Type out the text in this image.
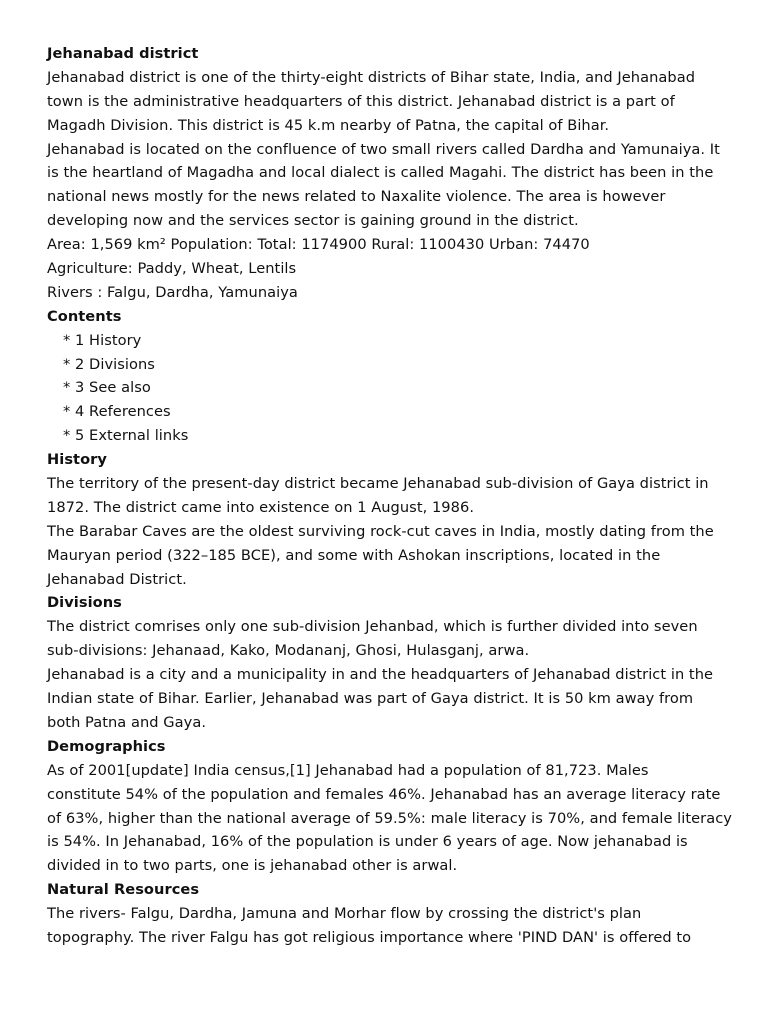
Jehanabad district
Jehanabad district is one of the thirty-eight districts of Bihar state, India, and Jehanabad
town is the administrative headquarters of this district. Jehanabad district is a part of
Magadh Division. This district is 45 k.m nearby of Patna, the capital of Bihar.
Jehanabad is located on the confluence of two small rivers called Dardha and Yamunaiya. It
is the heartland of Magadha and local dialect is called Magahi. The district has been in the
national news mostly for the news related to Naxalite violence. The area is however
developing now and the services sector is gaining ground in the district.
Area: 1,569 km² Population: Total: 1174900 Rural: 1100430 Urban: 74470
Agriculture: Paddy, Wheat, Lentils
Rivers : Falgu, Dardha, Yamunaiya
Contents
* 1 History
* 2 Divisions
* 3 See also
* 4 References
* 5 External links
History
The territory of the present-day district became Jehanabad sub-division of Gaya district in
1872. The district came into existence on 1 August, 1986.
The Barabar Caves are the oldest surviving rock-cut caves in India, mostly dating from the
Mauryan period (322–185 BCE), and some with Ashokan inscriptions, located in the
Jehanabad District.
Divisions
The district comrises only one sub-division Jehanbad, which is further divided into seven
sub-divisions: Jehanaad, Kako, Modananj, Ghosi, Hulasganj, arwa.
Jehanabad is a city and a municipality in and the headquarters of Jehanabad district in the
Indian state of Bihar. Earlier, Jehanabad was part of Gaya district. It is 50 km away from
both Patna and Gaya.
Demographics
As of 2001[update] India census,[1] Jehanabad had a population of 81,723. Males
constitute 54% of the population and females 46%. Jehanabad has an average literacy rate
of 63%, higher than the national average of 59.5%: male literacy is 70%, and female literacy
is 54%. In Jehanabad, 16% of the population is under 6 years of age. Now jehanabad is
divided in to two parts, one is jehanabad other is arwal.
Natural Resources
The rivers- Falgu, Dardha, Jamuna and Morhar flow by crossing the district's plan
topography. The river Falgu has got religious importance where 'PIND DAN' is offered to
